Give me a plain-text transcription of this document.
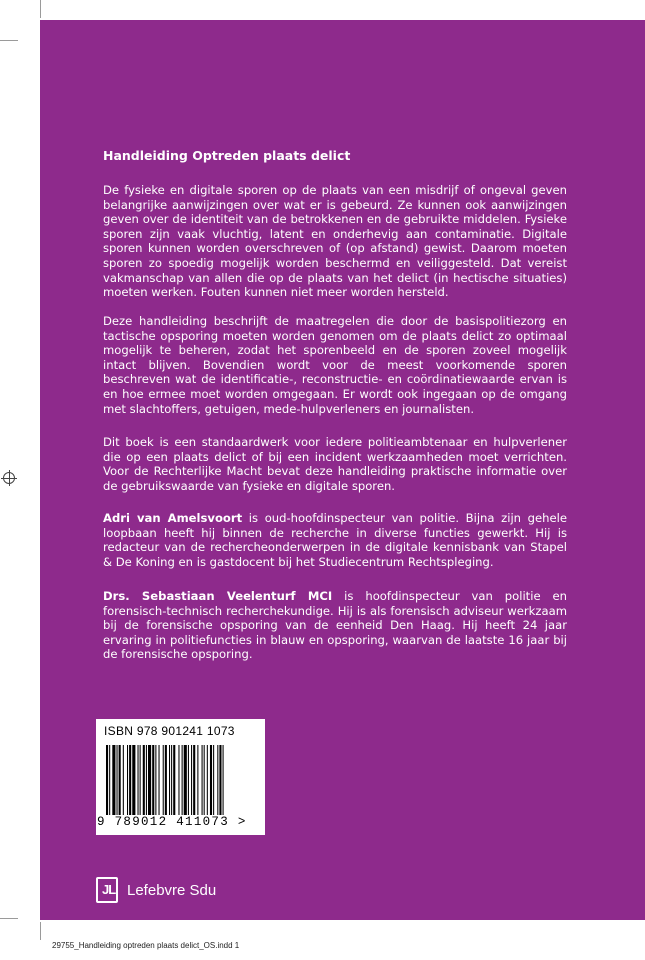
Handleiding Optreden plaats delict

De fysieke en digitale sporen op de plaats van een misdrijf of ongeval geven belangrijke aanwijzingen over wat er is gebeurd. Ze kunnen ook aanwijzingen geven over de identiteit van de betrokkenen en de gebruikte middelen. Fysieke sporen zijn vaak vluchtig, latent en onderhevig aan contaminatie. Digitale sporen kunnen worden overschreven of (op afstand) gewist. Daarom moeten sporen zo spoedig mogelijk worden beschermd en veiliggesteld. Dat vereist vakmanschap van allen die op de plaats van het delict (in hectische situaties) moeten werken. Fouten kunnen niet meer worden hersteld.

Deze handleiding beschrijft de maatregelen die door de basispolitiezorg en tactische opsporing moeten worden genomen om de plaats delict zo optimaal mogelijk te beheren, zodat het sporenbeeld en de sporen zoveel mogelijk intact blijven. Bovendien wordt voor de meest voorkomende sporen beschreven wat de identificatie-, reconstructie- en coördinatiewaarde ervan is en hoe ermee moet worden omgegaan. Er wordt ook ingegaan op de omgang met slachtoffers, getuigen, mede-hulpverleners en journalisten.

Dit boek is een standaardwerk voor iedere politieambtenaar en hulpverlener die op een plaats delict of bij een incident werkzaamheden moet verrichten. Voor de Rechterlijke Macht bevat deze handleiding praktische informatie over de gebruikswaarde van fysieke en digitale sporen.

Adri van Amelsvoort is oud-hoofdinspecteur van politie. Bijna zijn gehele loopbaan heeft hij binnen de recherche in diverse functies gewerkt. Hij is redacteur van de rechercheonderwerpen in de digitale kennisbank van Stapel & De Koning en is gastdocent bij het Studiecentrum Rechtspleging.

Drs. Sebastiaan Veelenturf MCI is hoofdinspecteur van politie en forensisch-technisch recherchekundige. Hij is als forensisch adviseur werkzaam bij de forensische opsporing van de eenheid Den Haag. Hij heeft 24 jaar ervaring in politiefuncties in blauw en opsporing, waarvan de laatste 16 jaar bij de forensische opsporing.

ISBN 978 901241 1073
9 789012 411073 >
JL Lefebvre Sdu
29755_Handleiding optreden plaats delict_OS.indd 1
